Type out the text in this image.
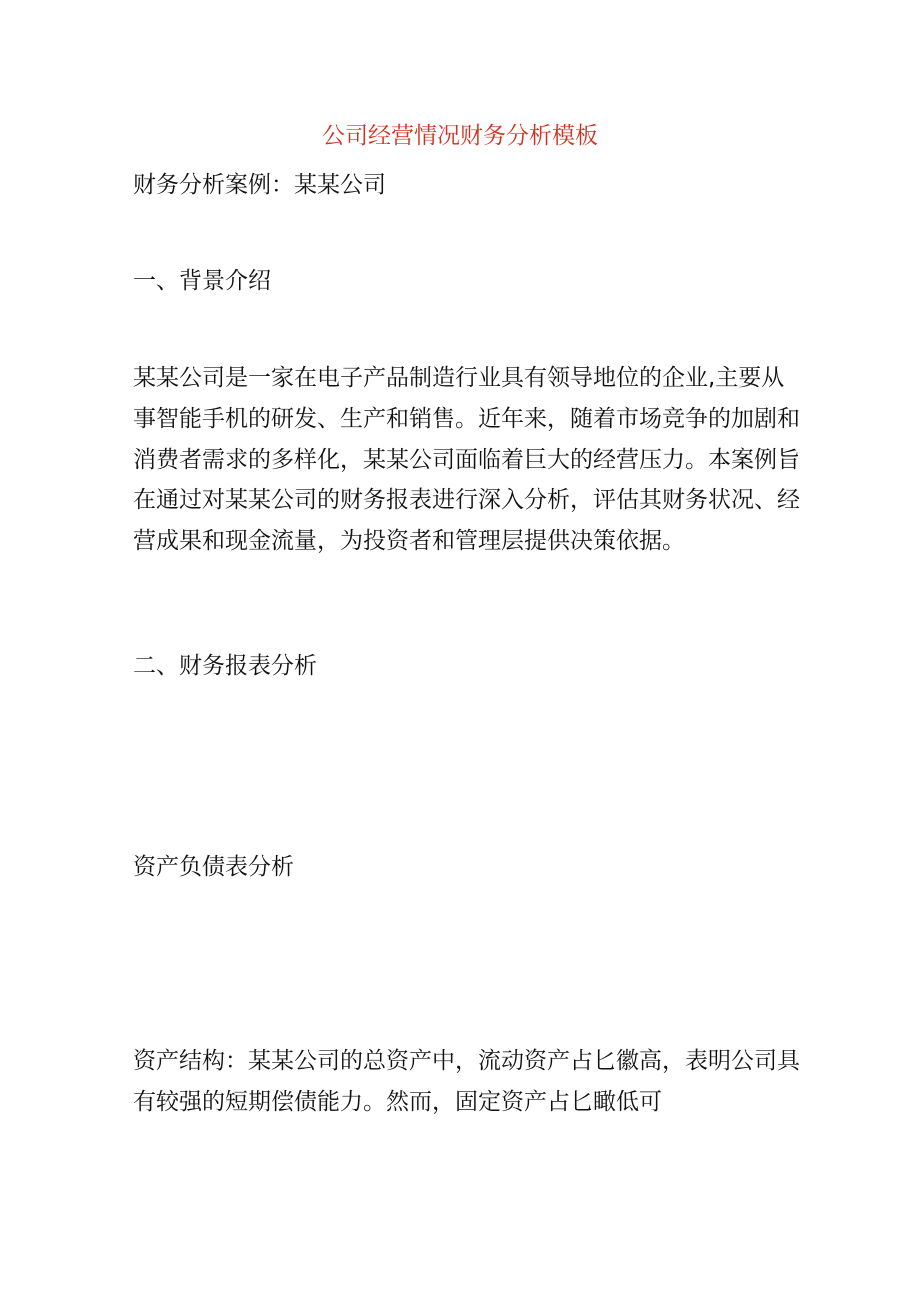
公司经营情况财务分析模板

财务分析案例：某某公司

一、背景介绍
某某公司是一家在电子产品制造行业具有领导地位的企业,主要从
事智能手机的研发、生产和销售。近年来，随着市场竞争的加剧和
消费者需求的多样化，某某公司面临着巨大的经营压力。本案例旨
在通过对某某公司的财务报表进行深入分析，评估其财务状况、经
营成果和现金流量，为投资者和管理层提供决策依据。
二、财务报表分析
资产负债表分析
资产结构：某某公司的总资产中，流动资产占匕徽高，表明公司具
有较强的短期偿债能力。然而，固定资产占匕瞰低可
